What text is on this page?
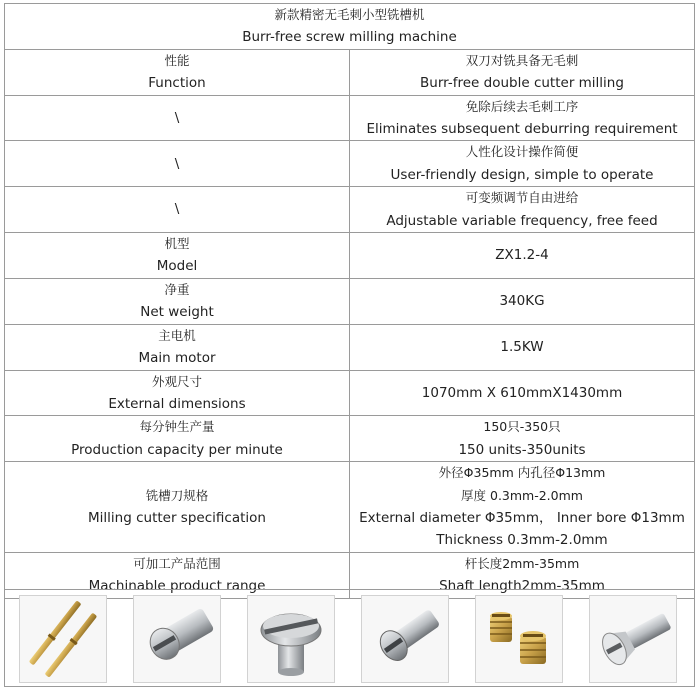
新款精密无毛刺小型铣槽机
Burr-free screw milling machine	

性能
Function	双刀对铣具备无毛刺
Burr-free double cutter milling

\	免除后续去毛刺工序
Eliminates subsequent deburring requirement

\	人性化设计操作简便
User-friendly design, simple to operate

\	可变频调节自由进给
Adjustable variable frequency, free feed

机型
Model	ZX1.2-4

净重
Net weight	340KG

主电机
Main motor	1.5KW

外观尺寸
External dimensions	1070mm X 610mmX1430mm

每分钟生产量
Production capacity per minute	150只-350只
150 units-350units

铣槽刀规格
Milling cutter specification	外径Φ35mm 内孔径Φ13mm
厚度 0.3mm-2.0mm
External diameter Φ35mm， Inner bore Φ13mm
Thickness 0.3mm-2.0mm

可加工产品范围
Machinable product range	杆长度2mm-35mm
Shaft length2mm-35mm
